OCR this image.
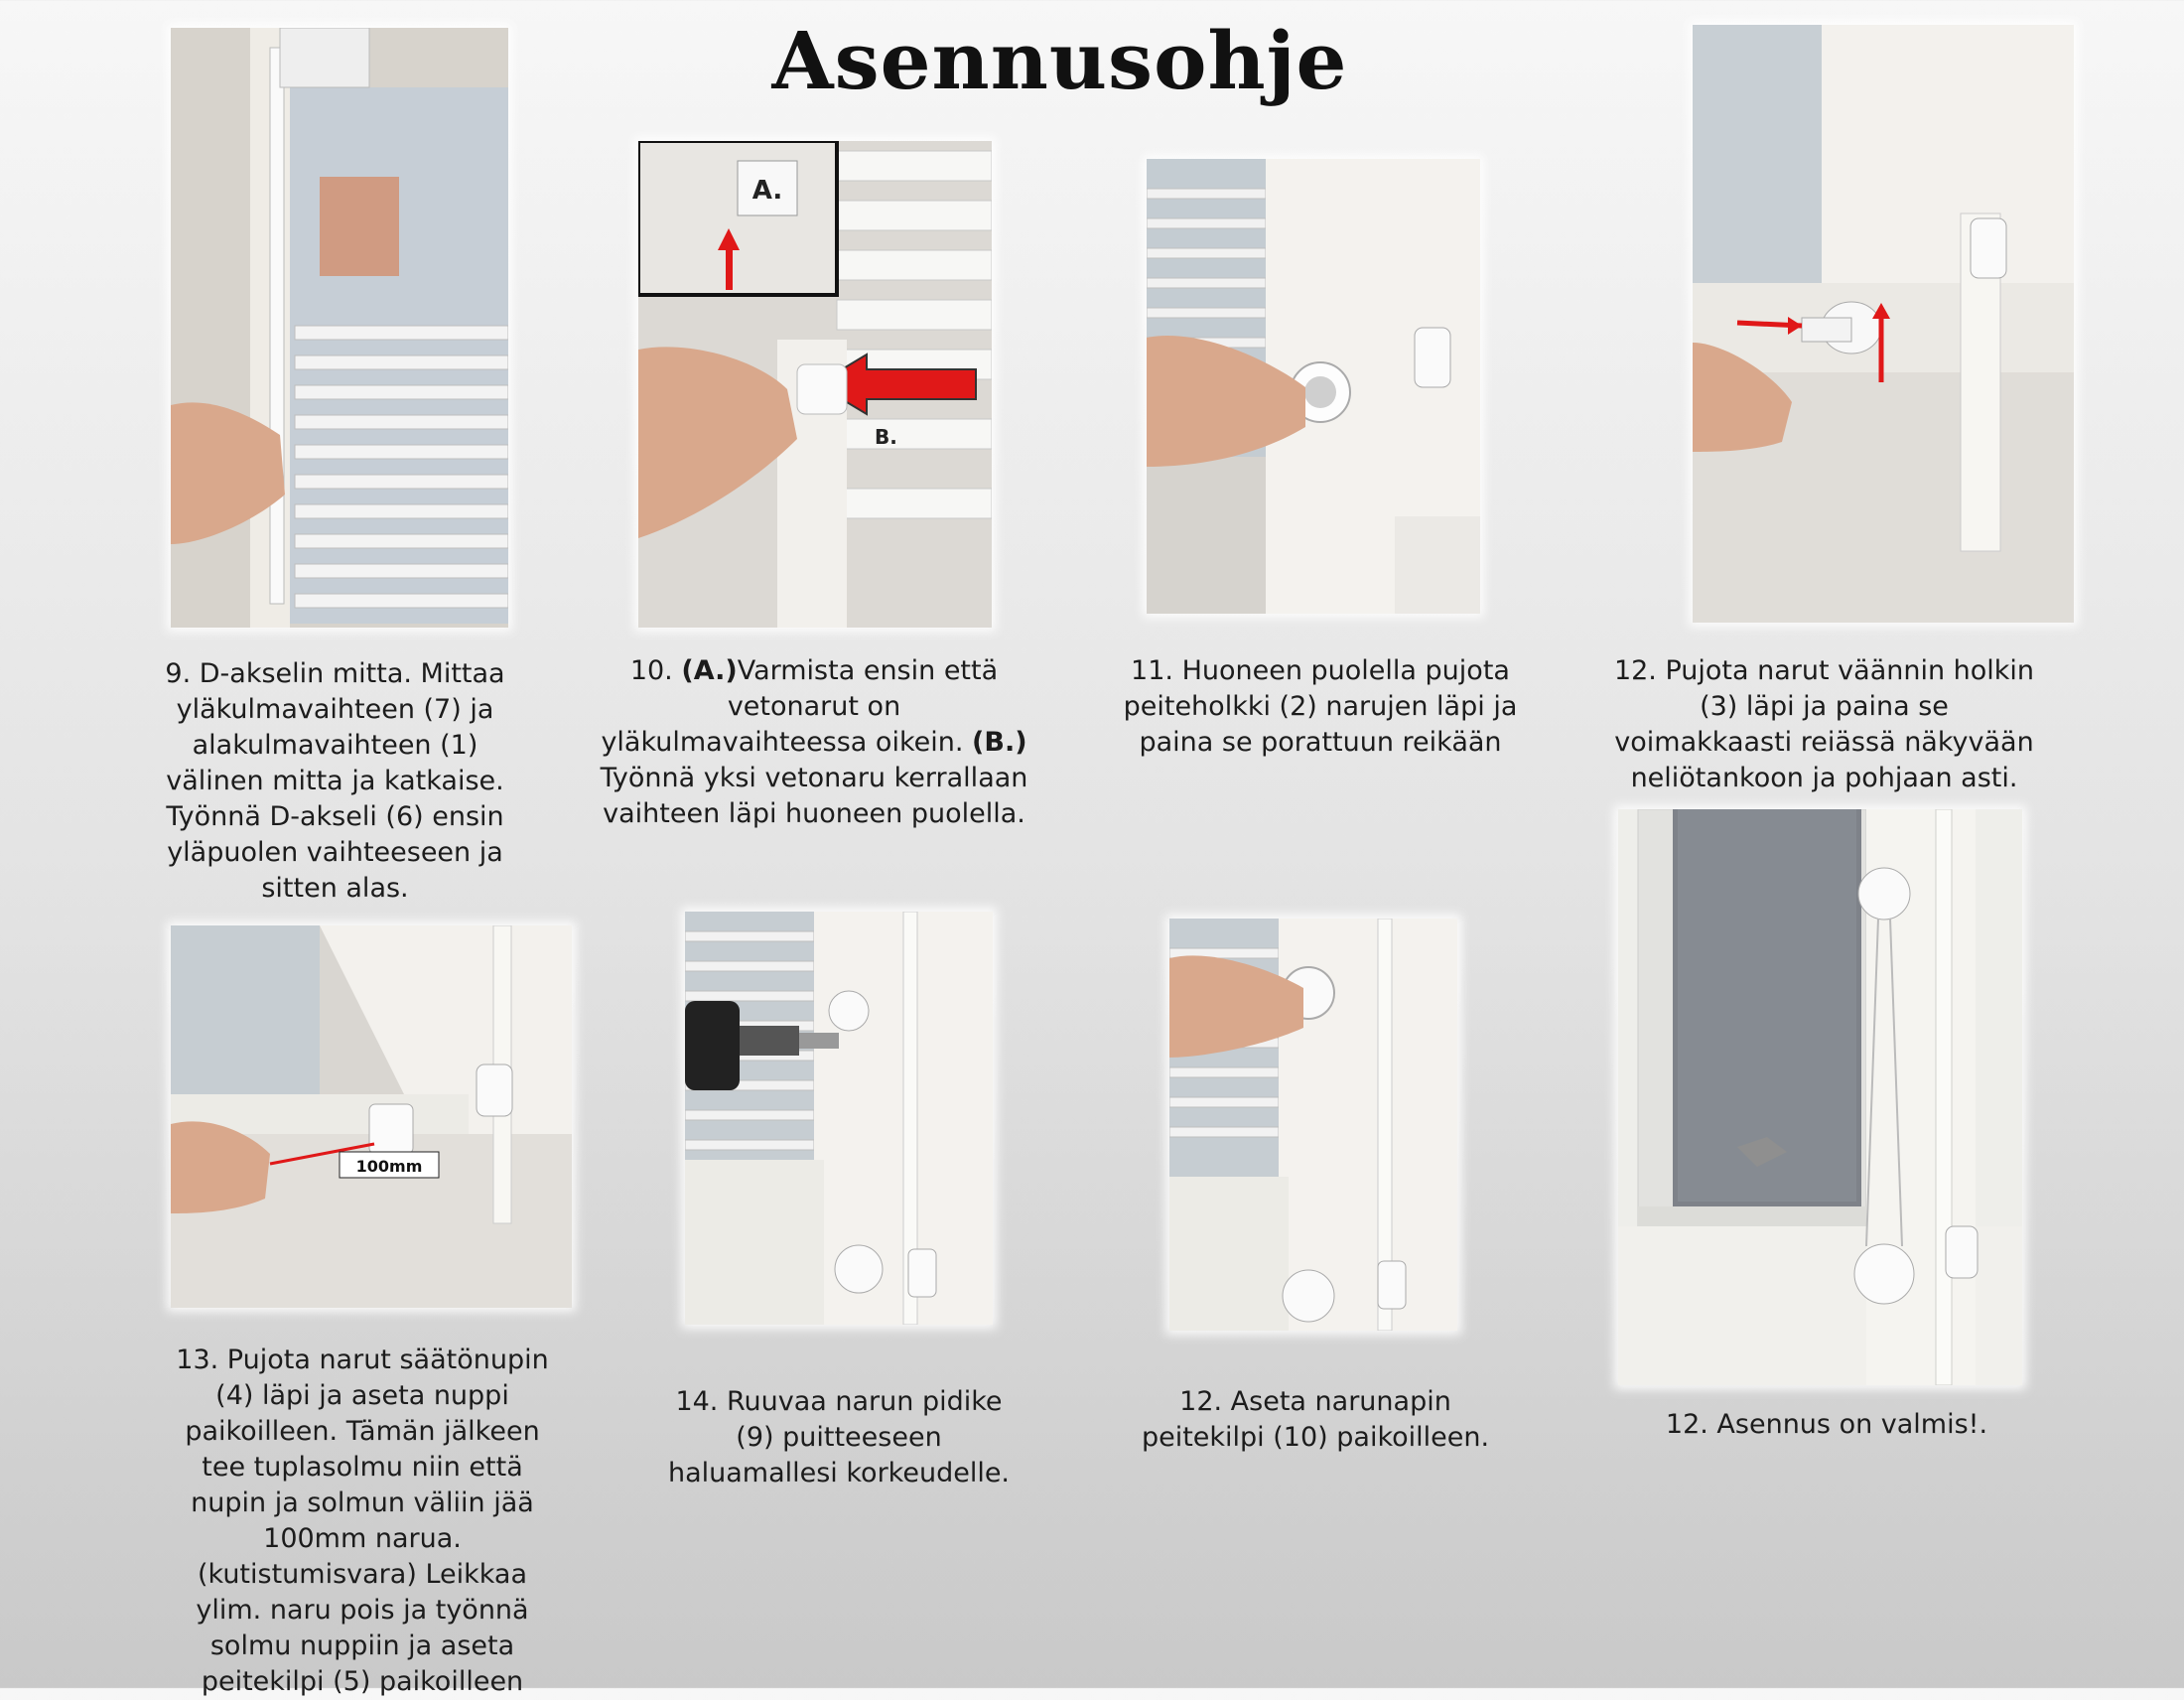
Asennusohje
A.
B.
100mm
9. D-akselin mitta. Mittaa yläkulmavaihteen (7) ja alakulmavaihteen (1) välinen mitta ja katkaise. Työnnä D-akseli (6) ensin yläpuolen vaihteeseen ja sitten alas.
10. (A.)Varmista ensin että vetonarut on yläkulmavaihteessa oikein. (B.) Työnnä yksi vetonaru kerrallaan vaihteen läpi huoneen puolella.
11. Huoneen puolella pujota peiteholkki (2) narujen läpi ja paina se porattuun reikään
12. Pujota narut väännin holkin (3) läpi ja paina se voimakkaasti reiässä näkyvään neliötankoon ja pohjaan asti.
13. Pujota narut säätönupin (4) läpi ja aseta nuppi paikoilleen. Tämän jälkeen tee tuplasolmu niin että nupin ja solmun väliin jää 100mm narua. (kutistumisvara) Leikkaa ylim. naru pois ja työnnä solmu nuppiin ja aseta peitekilpi (5) paikoilleen
14. Ruuvaa narun pidike (9) puitteeseen haluamallesi korkeudelle.
12. Aseta narunapin peitekilpi (10) paikoilleen.	12. Asennus on valmis!.
